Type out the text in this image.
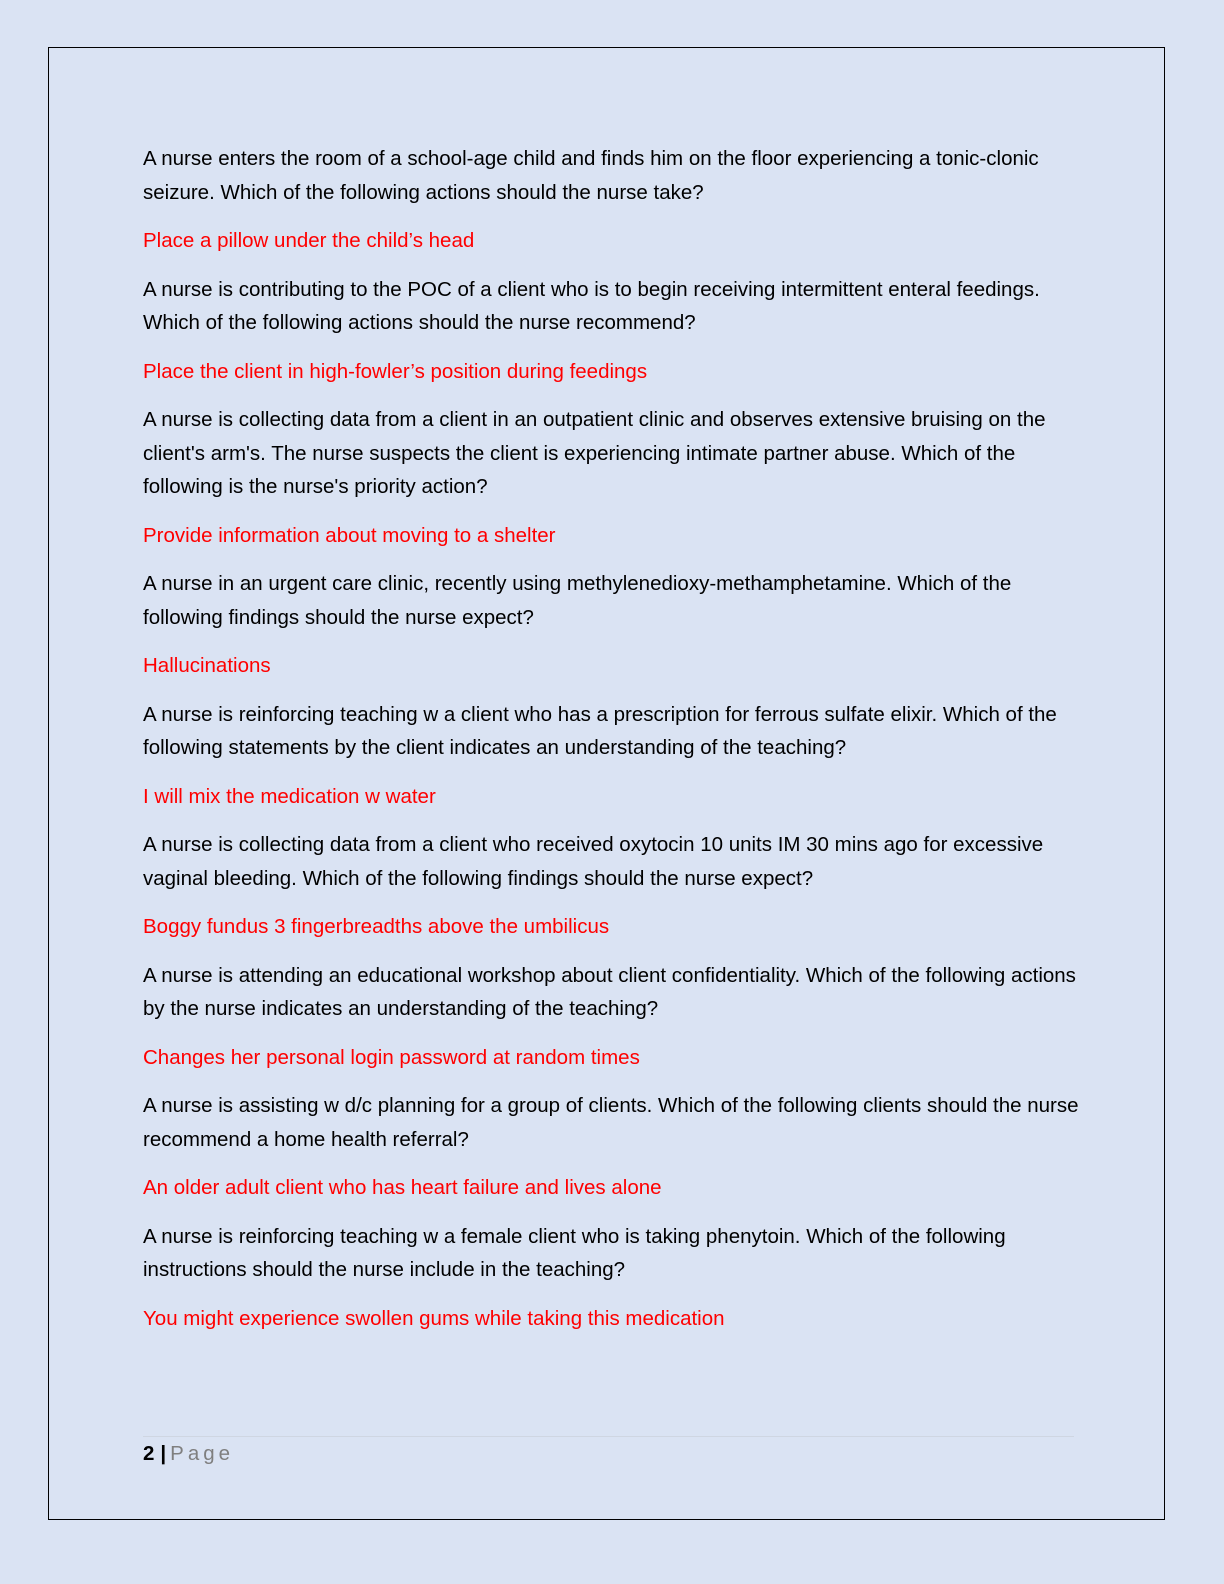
A nurse enters the room of a school-age child and finds him on the floor experiencing a tonic-clonic seizure. Which of the following actions should the nurse take?

Place a pillow under the child’s head

A nurse is contributing to the POC of a client who is to begin receiving intermittent enteral feedings. Which of the following actions should the nurse recommend?

Place the client in high-fowler’s position during feedings

A nurse is collecting data from a client in an outpatient clinic and observes extensive bruising on the client's arm's. The nurse suspects the client is experiencing intimate partner abuse. Which of the following is the nurse's priority action?

Provide information about moving to a shelter

A nurse in an urgent care clinic, recently using methylenedioxy-methamphetamine. Which of the following findings should the nurse expect?

Hallucinations

A nurse is reinforcing teaching w a client who has a prescription for ferrous sulfate elixir. Which of the following statements by the client indicates an understanding of the teaching?

I will mix the medication w water

A nurse is collecting data from a client who received oxytocin 10 units IM 30 mins ago for excessive vaginal bleeding. Which of the following findings should the nurse expect?

Boggy fundus 3 fingerbreadths above the umbilicus

A nurse is attending an educational workshop about client confidentiality. Which of the following actions by the nurse indicates an understanding of the teaching?

Changes her personal login password at random times

A nurse is assisting w d/c planning for a group of clients. Which of the following clients should the nurse recommend a home health referral?

An older adult client who has heart failure and lives alone

A nurse is reinforcing teaching w a female client who is taking phenytoin. Which of the following instructions should the nurse include in the teaching?

You might experience swollen gums while taking this medication

2 | Page
